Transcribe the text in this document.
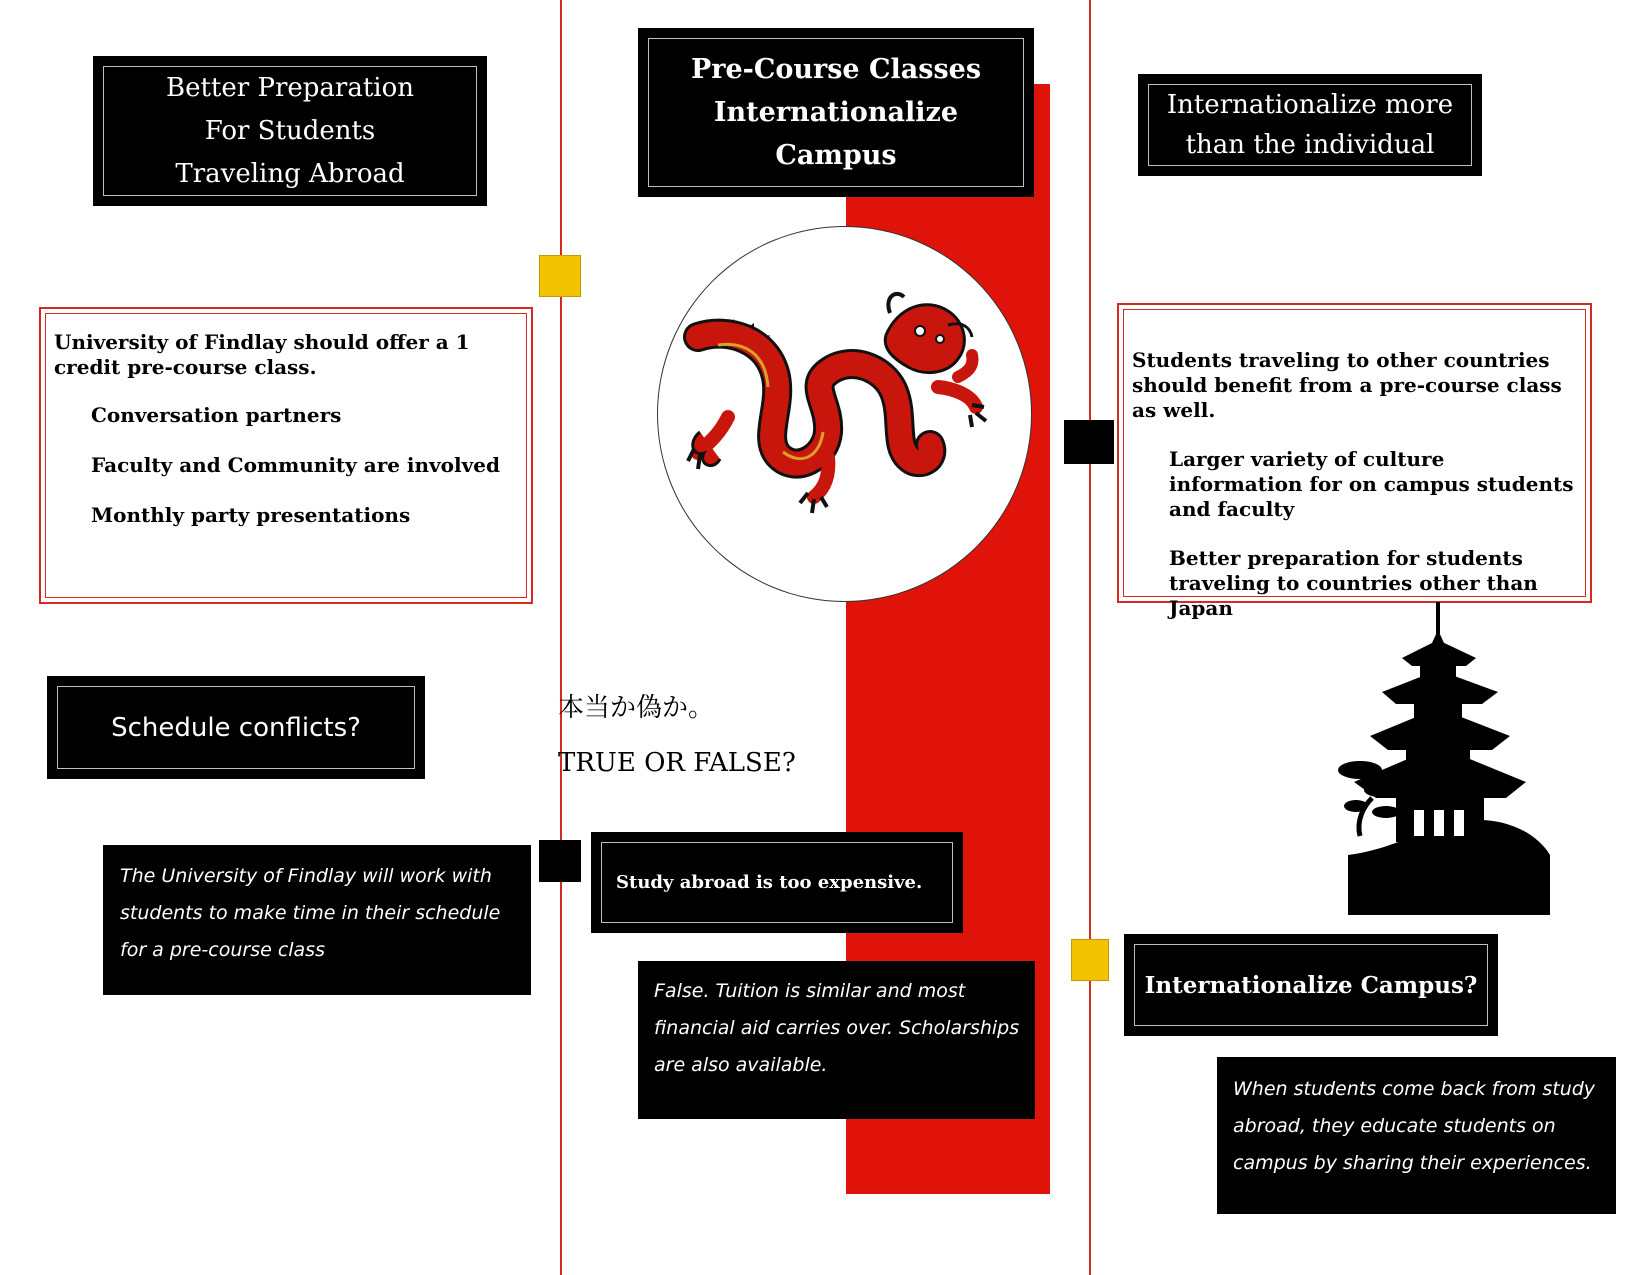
Better Preparation
For Students
Traveling Abroad

University of Findlay should offer a 1 credit pre-course class.

Conversation partners

Faculty and Community are involved

Monthly party presentations

Schedule conflicts?
The University of Findlay will work with students to make time in their schedule for a pre-course class
Pre-Course Classes
Internationalize
Campus
本当か偽か。
TRUE OR FALSE?
Study abroad is too expensive.
False. Tuition is similar and most financial aid carries over. Scholarships are also available.
Internationalize more
than the individual

Students traveling to other countries should benefit from a pre-course class as well.

Larger variety of culture information for on campus students and faculty

Better preparation for students traveling to countries other than Japan

Internationalize Campus?
When students come back from study abroad, they educate students on campus by sharing their experiences.
